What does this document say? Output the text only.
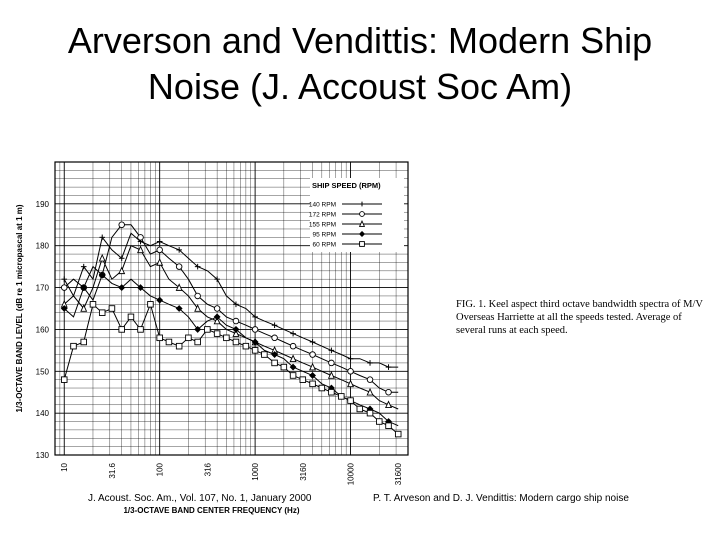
Arverson and Vendittis: Modern Ship Noise (J. Accoust Soc Am)
130
140
150
160
170
180
190
10	31.6	100	316	1000	3160	10000	31600
SHIP SPEED (RPM)
140 RPM
172 RPM
155 RPM
95 RPM
60 RPM
1/3-OCTAVE BAND CENTER FREQUENCY (Hz)
1/3-OCTAVE BAND LEVEL (dB re 1 micropascal at 1 m)	FIG. 1. Keel aspect third octave bandwidth spectra of M/V Overseas Harriette at all the speeds tested. Average of several runs at each speed.
J. Acoust. Soc. Am., Vol. 107, No. 1, January 2000	P. T. Arveson and D. J. Vendittis: Modern cargo ship noise
